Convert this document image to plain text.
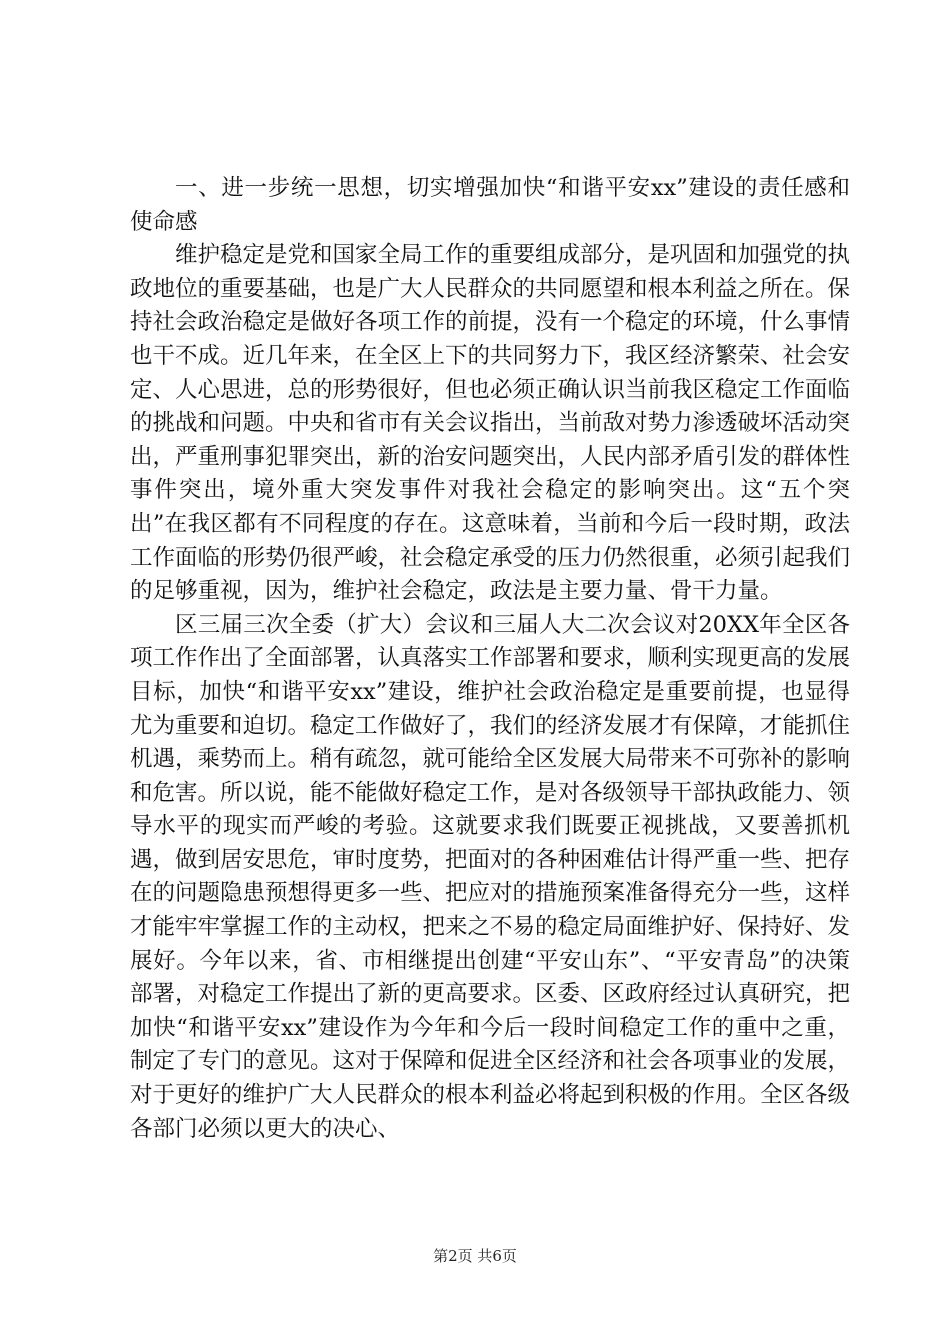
一、进一步统一思想，切实增强加快“和谐平安xx”建设的责任感和使命感

维护稳定是党和国家全局工作的重要组成部分，是巩固和加强党的执政地位的重要基础，也是广大人民群众的共同愿望和根本利益之所在。保持社会政治稳定是做好各项工作的前提，没有一个稳定的环境，什么事情也干不成。近几年来，在全区上下的共同努力下，我区经济繁荣、社会安定、人心思进，总的形势很好，但也必须正确认识当前我区稳定工作面临的挑战和问题。中央和省市有关会议指出，当前敌对势力渗透破坏活动突出，严重刑事犯罪突出，新的治安问题突出，人民内部矛盾引发的群体性事件突出，境外重大突发事件对我社会稳定的影响突出。这“五个突出”在我区都有不同程度的存在。这意味着，当前和今后一段时期，政法工作面临的形势仍很严峻，社会稳定承受的压力仍然很重，必须引起我们的足够重视，因为，维护社会稳定，政法是主要力量、骨干力量。

区三届三次全委（扩大）会议和三届人大二次会议对20XX年全区各项工作作出了全面部署，认真落实工作部署和要求，顺利实现更高的发展目标，加快“和谐平安xx”建设，维护社会政治稳定是重要前提，也显得尤为重要和迫切。稳定工作做好了，我们的经济发展才有保障，才能抓住机遇，乘势而上。稍有疏忽，就可能给全区发展大局带来不可弥补的影响和危害。所以说，能不能做好稳定工作，是对各级领导干部执政能力、领导水平的现实而严峻的考验。这就要求我们既要正视挑战，又要善抓机遇，做到居安思危，审时度势，把面对的各种困难估计得严重一些、把存在的问题隐患预想得更多一些、把应对的措施预案准备得充分一些，这样才能牢牢掌握工作的主动权，把来之不易的稳定局面维护好、保持好、发展好。今年以来，省、市相继提出创建“平安山东”、“平安青岛”的决策部署，对稳定工作提出了新的更高要求。区委、区政府经过认真研究，把加快“和谐平安xx”建设作为今年和今后一段时间稳定工作的重中之重，制定了专门的意见。这对于保障和促进全区经济和社会各项事业的发展，对于更好的维护广大人民群众的根本利益必将起到积极的作用。全区各级各部门必须以更大的决心、

第2页 共6页
